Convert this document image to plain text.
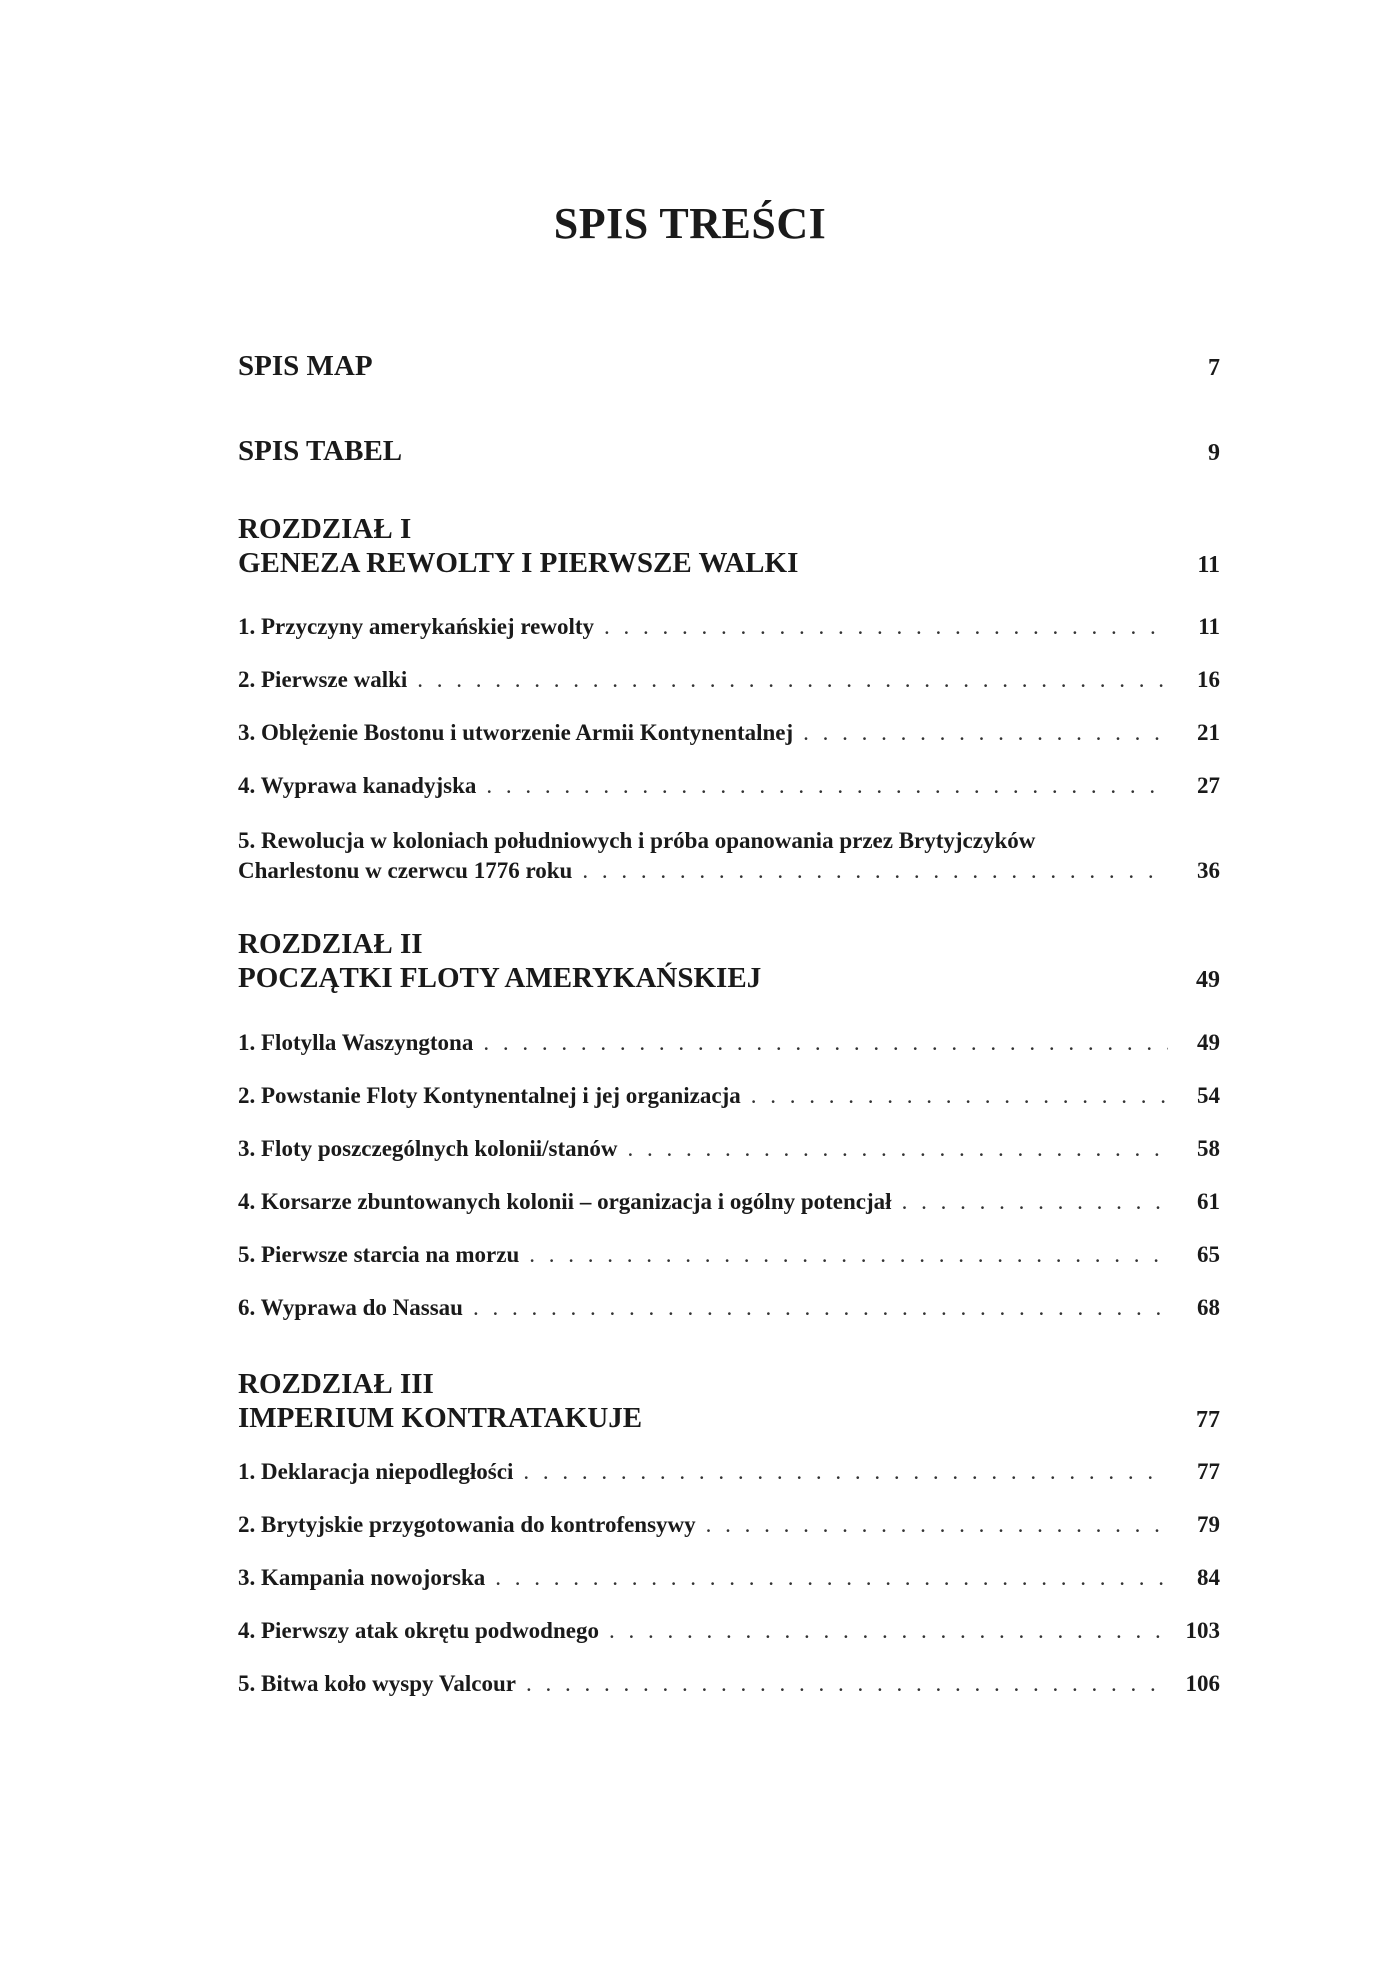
SPIS TREŚCI
SPIS MAP	7
SPIS TABEL	9
ROZDZIAŁ I
GENEZA REWOLTY I PIERWSZE WALKI	11
1. Przyczyny amerykańskiej rewolty . . .	11
2. Pierwsze walki . . .	16
3. Oblężenie Bostonu i utworzenie Armii Kontynentalnej . . .	21
4. Wyprawa kanadyjska . . .	27
5. Rewolucja w koloniach południowych i próba opanowania przez Brytyjczyków
Charlestonu w czerwcu 1776 roku . . .	36
ROZDZIAŁ II
POCZĄTKI FLOTY AMERYKAŃSKIEJ	49
1. Flotylla Waszyngtona . . .	49
2. Powstanie Floty Kontynentalnej i jej organizacja . . .	54
3. Floty poszczególnych kolonii/stanów . . .	58
4. Korsarze zbuntowanych kolonii – organizacja i ogólny potencjał . . .	61
5. Pierwsze starcia na morzu . . .	65
6. Wyprawa do Nassau . . .	68
ROZDZIAŁ III
IMPERIUM KONTRATAKUJE	77
1. Deklaracja niepodległości . . .	77
2. Brytyjskie przygotowania do kontrofensywy . . .	79
3. Kampania nowojorska . . .	84
4. Pierwszy atak okrętu podwodnego . . .	103
5. Bitwa koło wyspy Valcour . . .	106
